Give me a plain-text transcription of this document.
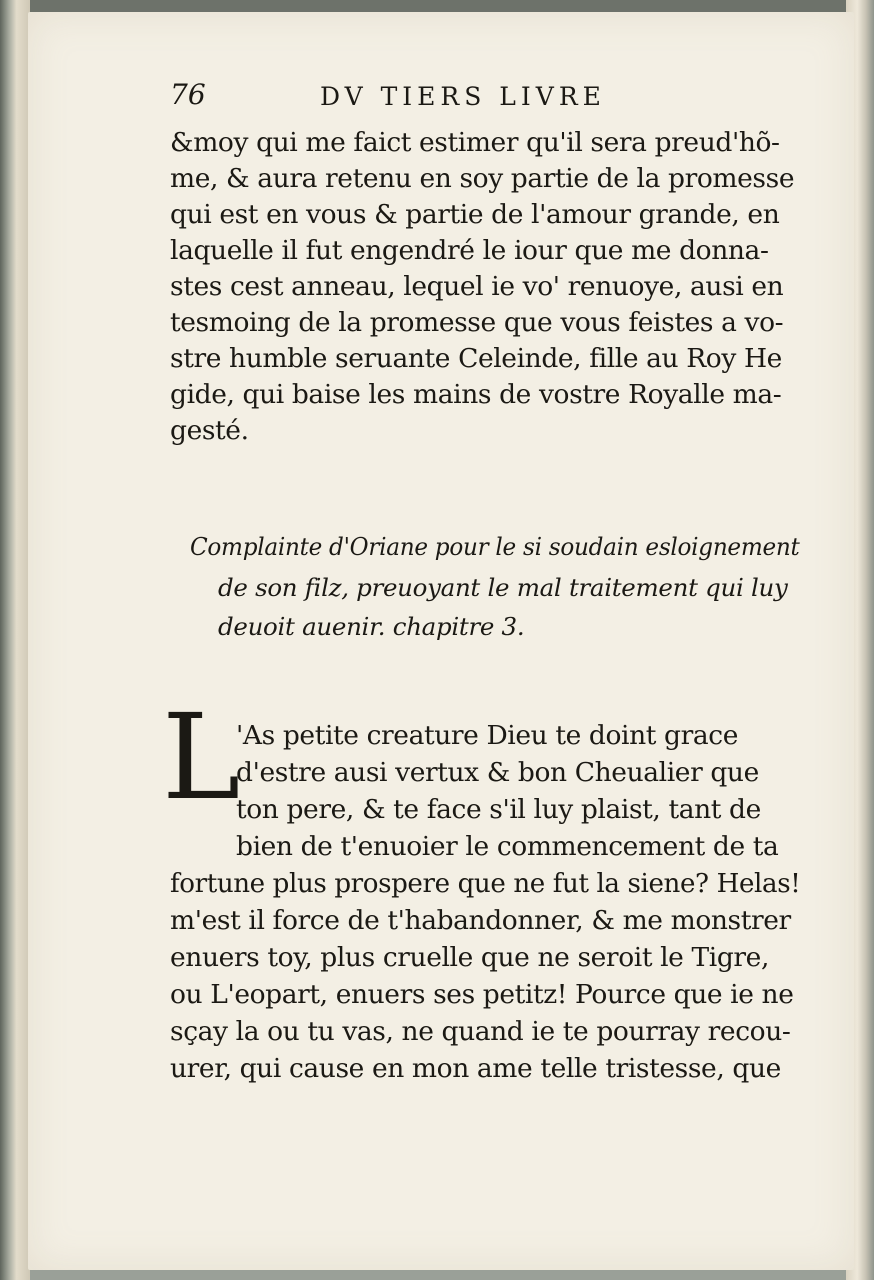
76	DV TIERS LIVRE
&moy qui me faict estimer qu'il sera preud'hõ-
me, & aura retenu en soy partie de la promesse
qui est en vous & partie de l'amour grande, en
laquelle il fut engendré le iour que me donna-
stes cest anneau, lequel ie vo' renuoye, ausi en
tesmoing de la promesse que vous feistes a vo-
stre humble seruante Celeinde, fille au Roy He
gide, qui baise les mains de vostre Royalle ma-
gesté.
Complainte d'Oriane pour le si soudain esloignement
de son filz, preuoyant le mal traitement qui luy
deuoit auenir. chapitre 3.
L
'As petite creature Dieu te doint grace
d'estre ausi vertux & bon Cheualier que
ton pere, & te face s'il luy plaist, tant de
bien de t'enuoier le commencement de ta
fortune plus prospere que ne fut la siene? Helas!
m'est il force de t'habandonner, & me monstrer
enuers toy, plus cruelle que ne seroit le Tigre,
ou L'eopart, enuers ses petitz! Pource que ie ne
sçay la ou tu vas, ne quand ie te pourray recou-
urer, qui cause en mon ame telle tristesse, que
